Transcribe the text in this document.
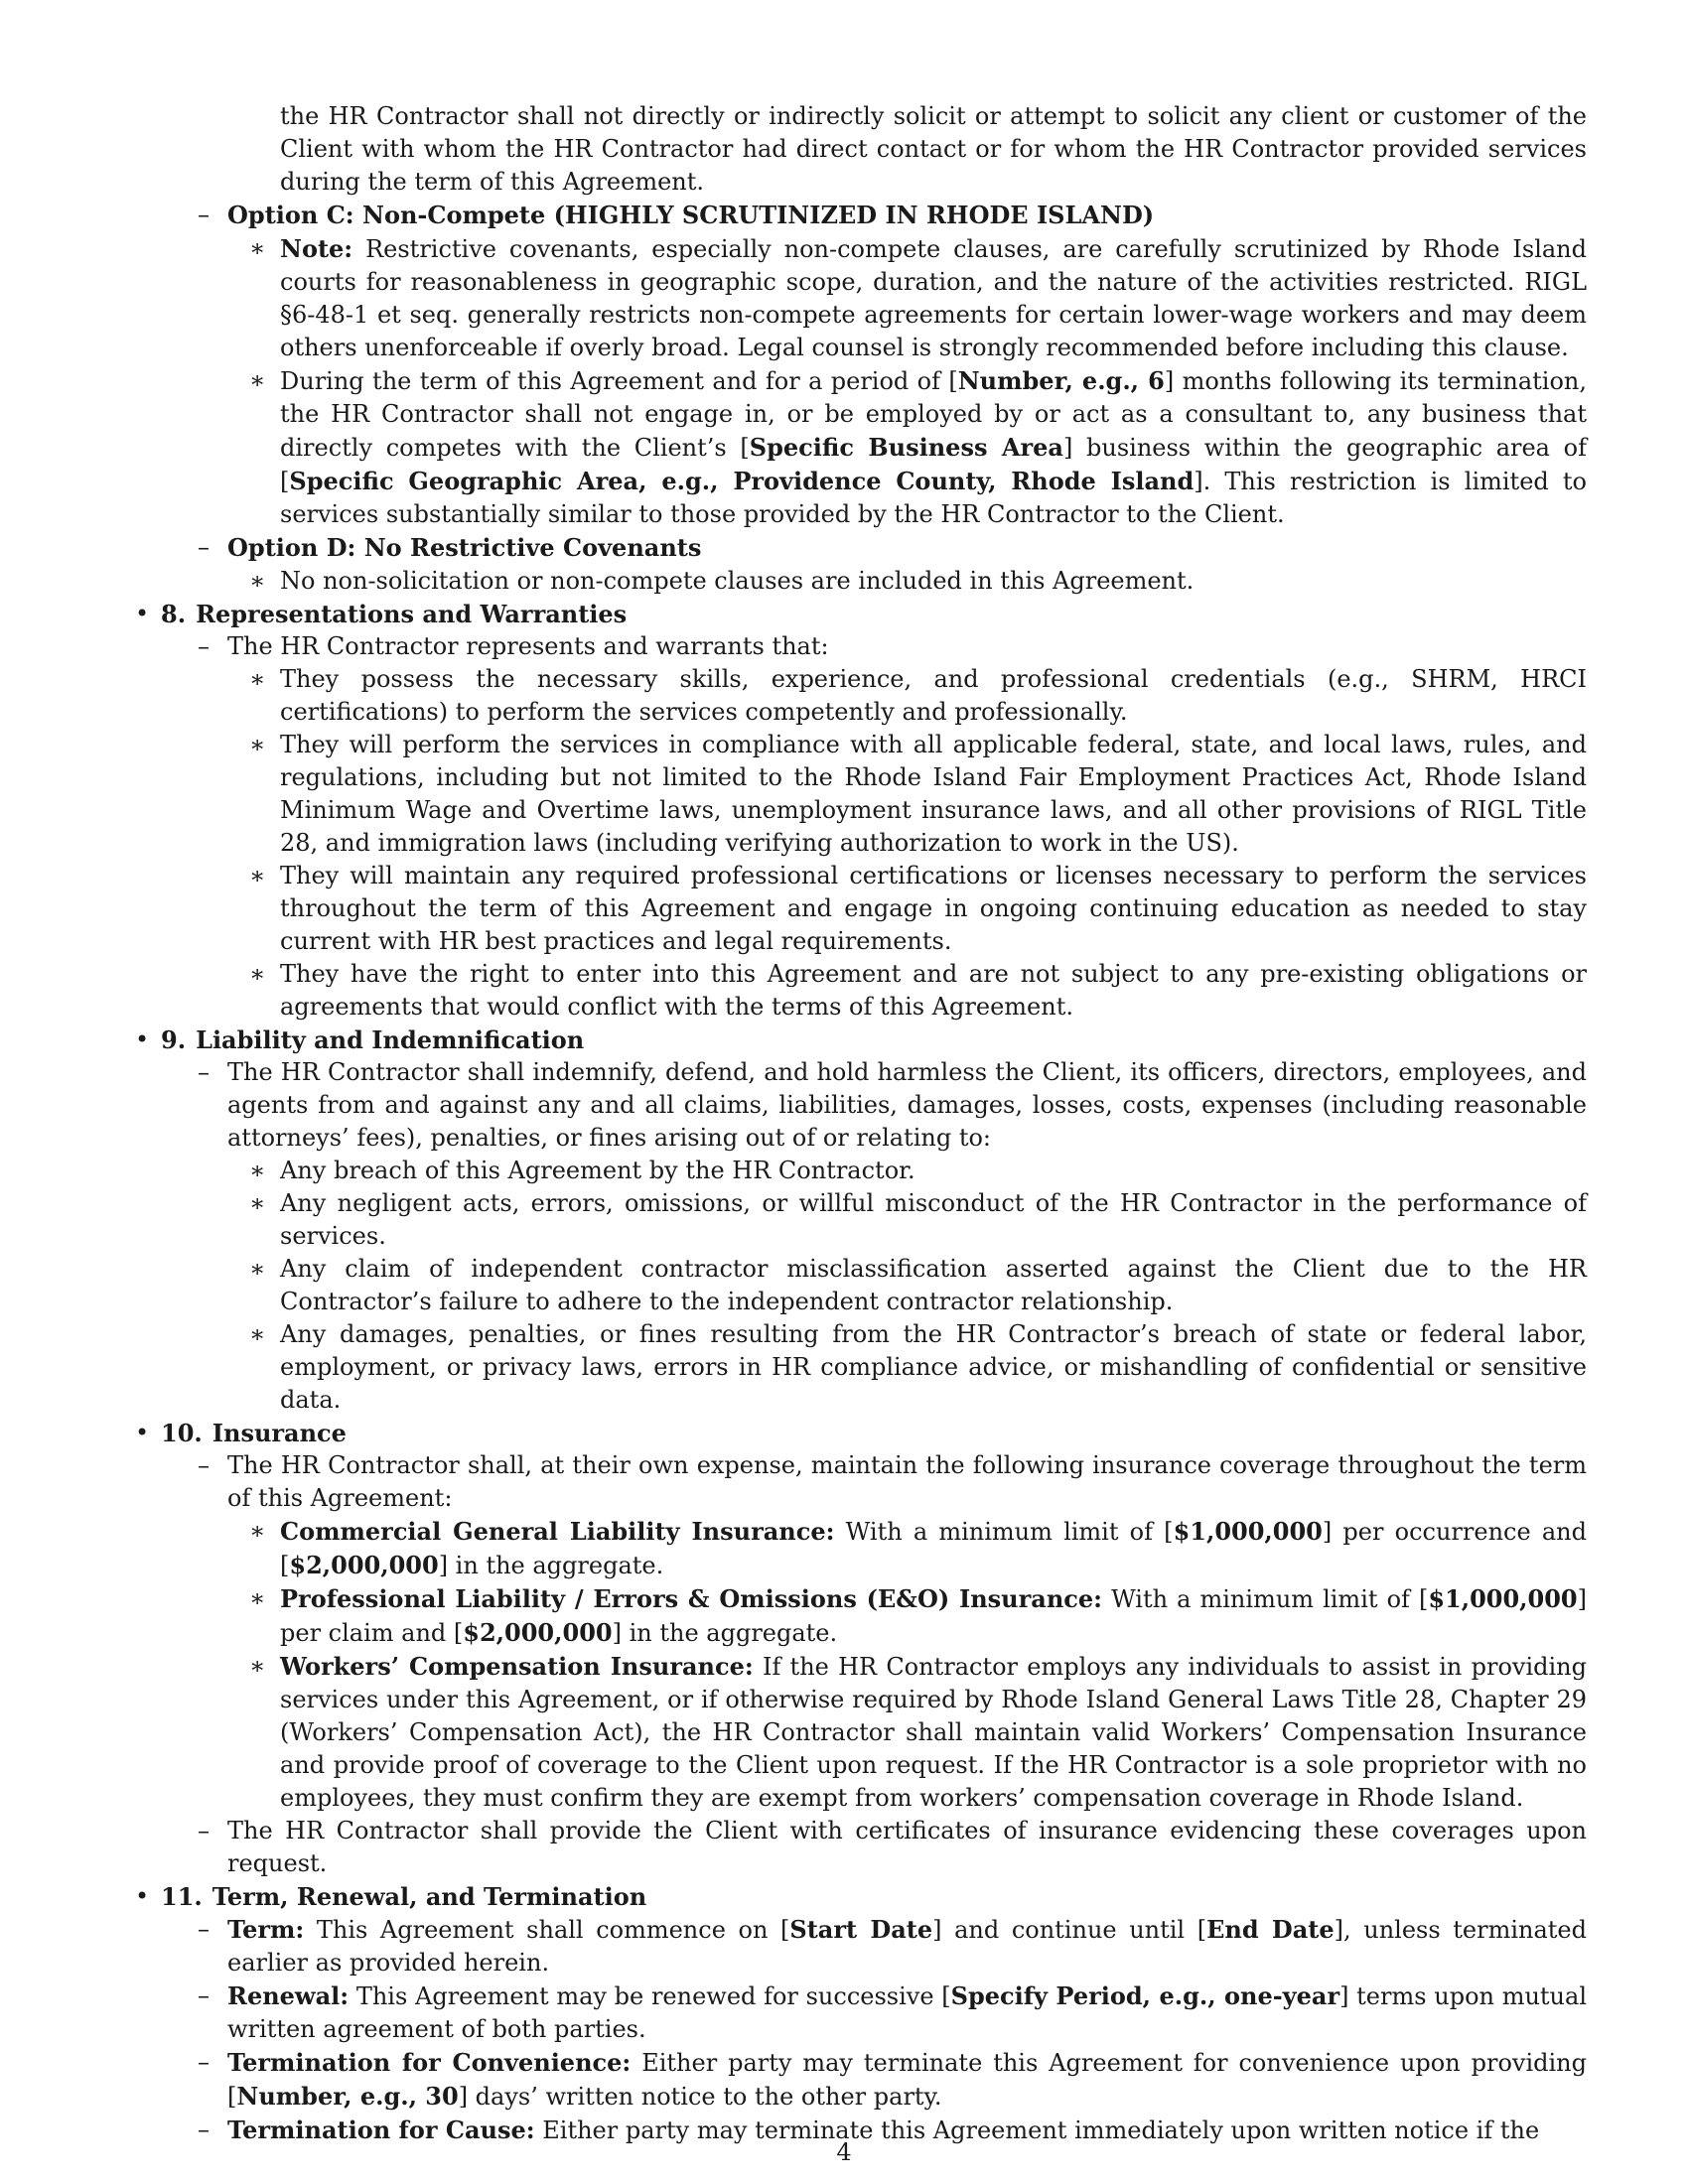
the HR Contractor shall not directly or indirectly solicit or attempt to solicit any client or customer of the Client with whom the HR Contractor had direct contact or for whom the HR Contractor provided services during the term of this Agreement.
– Option C: Non-Compete (HIGHLY SCRUTINIZED IN RHODE ISLAND)
∗ Note: Restrictive covenants, especially non-compete clauses, are carefully scrutinized by Rhode Island courts for reasonableness in geographic scope, duration, and the nature of the activities restricted. RIGL §6-48-1 et seq. generally restricts non-compete agreements for certain lower-wage workers and may deem others unenforceable if overly broad. Legal counsel is strongly recommended before including this clause.
∗ During the term of this Agreement and for a period of [Number, e.g., 6] months following its termination, the HR Contractor shall not engage in, or be employed by or act as a consultant to, any business that directly competes with the Client’s [Specific Business Area] business within the geographic area of [Specific Geographic Area, e.g., Providence County, Rhode Island]. This restriction is limited to services substantially similar to those provided by the HR Contractor to the Client.
– Option D: No Restrictive Covenants
∗ No non-solicitation or non-compete clauses are included in this Agreement.
• 8. Representations and Warranties
– The HR Contractor represents and warrants that:
∗ They possess the necessary skills, experience, and professional credentials (e.g., SHRM, HRCI certifications) to perform the services competently and professionally.
∗ They will perform the services in compliance with all applicable federal, state, and local laws, rules, and regulations, including but not limited to the Rhode Island Fair Employment Practices Act, Rhode Island Minimum Wage and Overtime laws, unemployment insurance laws, and all other provisions of RIGL Title 28, and immigration laws (including verifying authorization to work in the US).
∗ They will maintain any required professional certifications or licenses necessary to perform the services throughout the term of this Agreement and engage in ongoing continuing education as needed to stay current with HR best practices and legal requirements.
∗ They have the right to enter into this Agreement and are not subject to any pre-existing obligations or agreements that would conflict with the terms of this Agreement.
• 9. Liability and Indemnification
– The HR Contractor shall indemnify, defend, and hold harmless the Client, its officers, directors, employees, and agents from and against any and all claims, liabilities, damages, losses, costs, expenses (including reasonable attorneys’ fees), penalties, or fines arising out of or relating to:
∗ Any breach of this Agreement by the HR Contractor.
∗ Any negligent acts, errors, omissions, or willful misconduct of the HR Contractor in the performance of services.
∗ Any claim of independent contractor misclassification asserted against the Client due to the HR Contractor’s failure to adhere to the independent contractor relationship.
∗ Any damages, penalties, or fines resulting from the HR Contractor’s breach of state or federal labor, employment, or privacy laws, errors in HR compliance advice, or mishandling of confidential or sensitive data.
• 10. Insurance
– The HR Contractor shall, at their own expense, maintain the following insurance coverage throughout the term of this Agreement:
∗ Commercial General Liability Insurance: With a minimum limit of [$1,000,000] per occurrence and [$2,000,000] in the aggregate.
∗ Professional Liability / Errors & Omissions (E&O) Insurance: With a minimum limit of [$1,000,000] per claim and [$2,000,000] in the aggregate.
∗ Workers’ Compensation Insurance: If the HR Contractor employs any individuals to assist in providing services under this Agreement, or if otherwise required by Rhode Island General Laws Title 28, Chapter 29 (Workers’ Compensation Act), the HR Contractor shall maintain valid Workers’ Compensation Insurance and provide proof of coverage to the Client upon request. If the HR Contractor is a sole proprietor with no employees, they must confirm they are exempt from workers’ compensation coverage in Rhode Island.
– The HR Contractor shall provide the Client with certificates of insurance evidencing these coverages upon request.
• 11. Term, Renewal, and Termination
– Term: This Agreement shall commence on [Start Date] and continue until [End Date], unless terminated earlier as provided herein.
– Renewal: This Agreement may be renewed for successive [Specify Period, e.g., one-year] terms upon mutual written agreement of both parties.
– Termination for Convenience: Either party may terminate this Agreement for convenience upon providing [Number, e.g., 30] days’ written notice to the other party.
– Termination for Cause: Either party may terminate this Agreement immediately upon written notice if the
4
